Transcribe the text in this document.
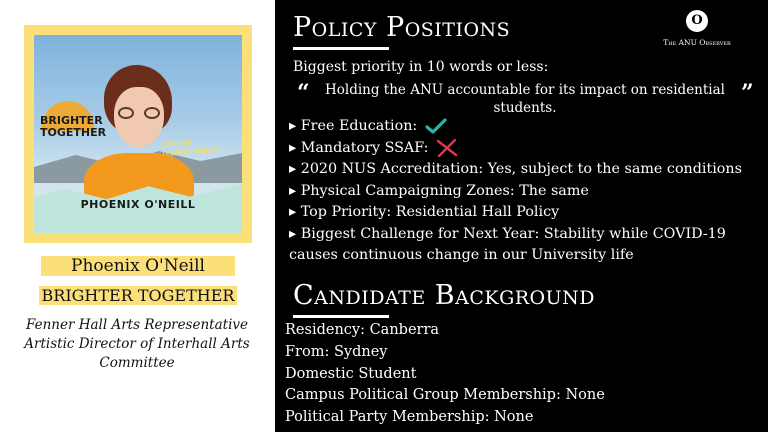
BRIGHTER
TOGETHER
general representative
PHOENIX O'NEILL
Phoenix O'Neill
BRIGHTER TOGETHER
Fenner Hall Arts Representative
Artistic Director of Interhall Arts Committee
Policy Positions	O
The ANU Observer
Biggest priority in 10 words or less:
“	Holding the ANU accountable for its impact on residential students.
”
▸ Free Education:
▸ Mandatory SSAF:
▸ 2020 NUS Accreditation: Yes, subject to the same conditions
▸ Physical Campaigning Zones: The same
▸ Top Priority: Residential Hall Policy
▸ Biggest Challenge for Next Year: Stability while COVID-19 causes continuous change in our University life
Candidate Background
Residency: Canberra
From: Sydney
Domestic Student
Campus Political Group Membership: None
Political Party Membership: None
